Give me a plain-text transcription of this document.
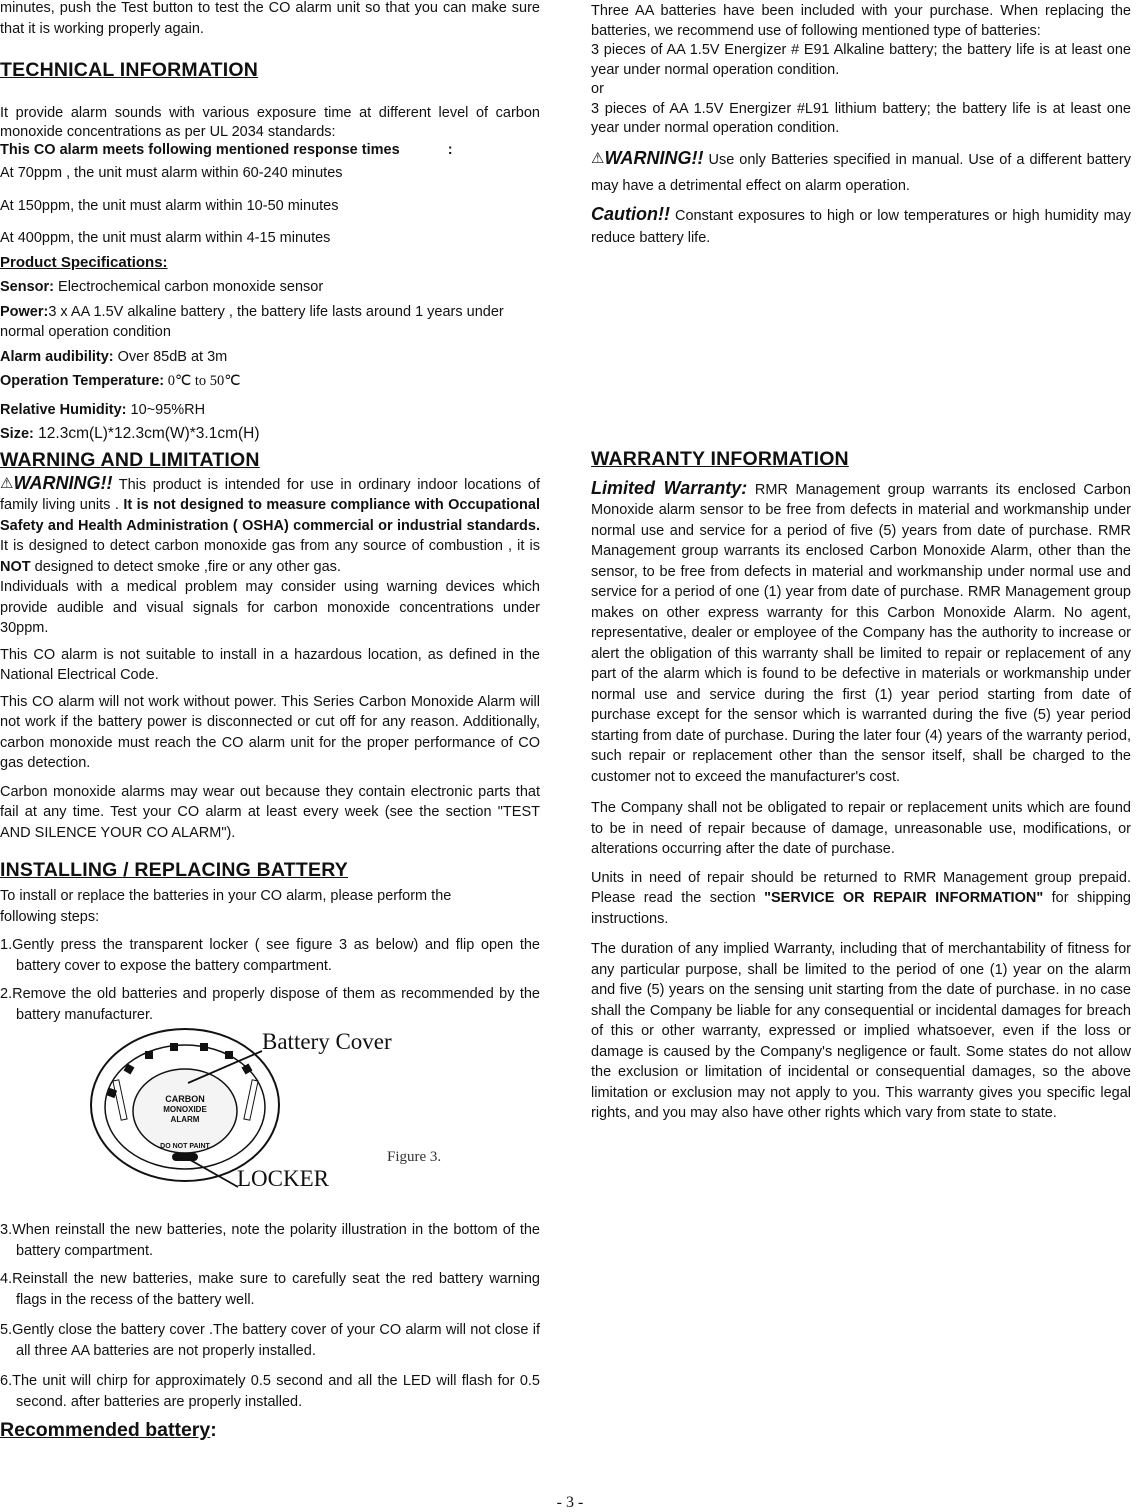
minutes, push the Test button to test the CO alarm unit so that you can make sure that it is working properly again.

TECHNICAL INFORMATION

It provide alarm sounds with various exposure time at different level of carbon monoxide concentrations as per UL 2034 standards:

This CO alarm meets following mentioned response times	:

At 70ppm , the unit must alarm within 60-240 minutes

At 150ppm, the unit must alarm within 10-50 minutes

At 400ppm, the unit must alarm within 4-15 minutes

Product Specifications:
Sensor: Electrochemical carbon monoxide sensor
Power:3 x AA 1.5V alkaline battery , the battery life lasts around 1 years under normal operation condition
Alarm audibility: Over 85dB at 3m
Operation Temperature: 0℃ to 50℃
Relative Humidity: 10~95%RH
Size: 12.3cm(L)*12.3cm(W)*3.1cm(H)
WARNING AND LIMITATION

⚠WARNING!! This product is intended for use in ordinary indoor locations of family living units . It is not designed to measure compliance with Occupational Safety and Health Administration ( OSHA) commercial or industrial standards. It is designed to detect carbon monoxide gas from any source of combustion , it is NOT designed to detect smoke ,fire or any other gas.

Individuals with a medical problem may consider using warning devices which provide audible and visual signals for carbon monoxide concentrations under 30ppm.

This CO alarm is not suitable to install in a hazardous location, as defined in the National Electrical Code.

This CO alarm will not work without power. This Series Carbon Monoxide Alarm will not work if the battery power is disconnected or cut off for any reason. Additionally, carbon monoxide must reach the CO alarm unit for the proper performance of CO gas detection.

Carbon monoxide alarms may wear out because they contain electronic parts that fail at any time. Test your CO alarm at least every week (see the section "TEST AND SILENCE YOUR CO ALARM").

INSTALLING / REPLACING BATTERY

To install or replace the batteries in your CO alarm, please perform the following steps:

1.Gently press the transparent locker ( see figure 3 as below) and flip open the battery cover to expose the battery compartment.

2.Remove the old batteries and properly dispose of them as recommended by the battery manufacturer.

CARBON
MONOXIDE
ALARM
DO NOT PAINT
Battery Cover
LOCKER
Figure 3.

3.When reinstall the new batteries, note the polarity illustration in the bottom of the battery compartment.

4.Reinstall the new batteries, make sure to carefully seat the red battery warning flags in the recess of the battery well.

5.Gently close the battery cover .The battery cover of your CO alarm will not close if all three AA batteries are not properly installed.

6.The unit will chirp for approximately 0.5 second and all the LED will flash for 0.5 second. after batteries are properly installed.

Recommended battery:

Three AA batteries have been included with your purchase. When replacing the batteries, we recommend use of following mentioned type of batteries:

3 pieces of AA 1.5V Energizer # E91 Alkaline battery; the battery life is at least one year under normal operation condition.

or

3 pieces of AA 1.5V Energizer #L91 lithium battery; the battery life is at least one year under normal operation condition.

⚠WARNING!! Use only Batteries specified in manual. Use of a different battery may have a detrimental effect on alarm operation.

Caution!! Constant exposures to high or low temperatures or high humidity may reduce battery life.

WARRANTY INFORMATION

Limited Warranty: RMR Management group warrants its enclosed Carbon Monoxide alarm sensor to be free from defects in material and workmanship under normal use and service for a period of five (5) years from date of purchase. RMR Management group warrants its enclosed Carbon Monoxide Alarm, other than the sensor, to be free from defects in material and workmanship under normal use and service for a period of one (1) year from date of purchase. RMR Management group makes on other express warranty for this Carbon Monoxide Alarm. No agent, representative, dealer or employee of the Company has the authority to increase or alert the obligation of this warranty shall be limited to repair or replacement of any part of the alarm which is found to be defective in materials or workmanship under normal use and service during the first (1) year period starting from date of purchase except for the sensor which is warranted during the five (5) year period starting from date of purchase. During the later four (4) years of the warranty period, such repair or replacement other than the sensor itself, shall be charged to the customer not to exceed the manufacturer's cost.

The Company shall not be obligated to repair or replacement units which are found to be in need of repair because of damage, unreasonable use, modifications, or alterations occurring after the date of purchase.

Units in need of repair should be returned to RMR Management group prepaid. Please read the section "SERVICE OR REPAIR INFORMATION" for shipping instructions.

The duration of any implied Warranty, including that of merchantability of fitness for any particular purpose, shall be limited to the period of one (1) year on the alarm and five (5) years on the sensing unit starting from the date of purchase. in no case shall the Company be liable for any consequential or incidental damages for breach of this or other warranty, expressed or implied whatsoever, even if the loss or damage is caused by the Company's negligence or fault. Some states do not allow the exclusion or limitation of incidental or consequential damages, so the above limitation or exclusion may not apply to you. This warranty gives you specific legal rights, and you may also have other rights which vary from state to state.

- 3 -
